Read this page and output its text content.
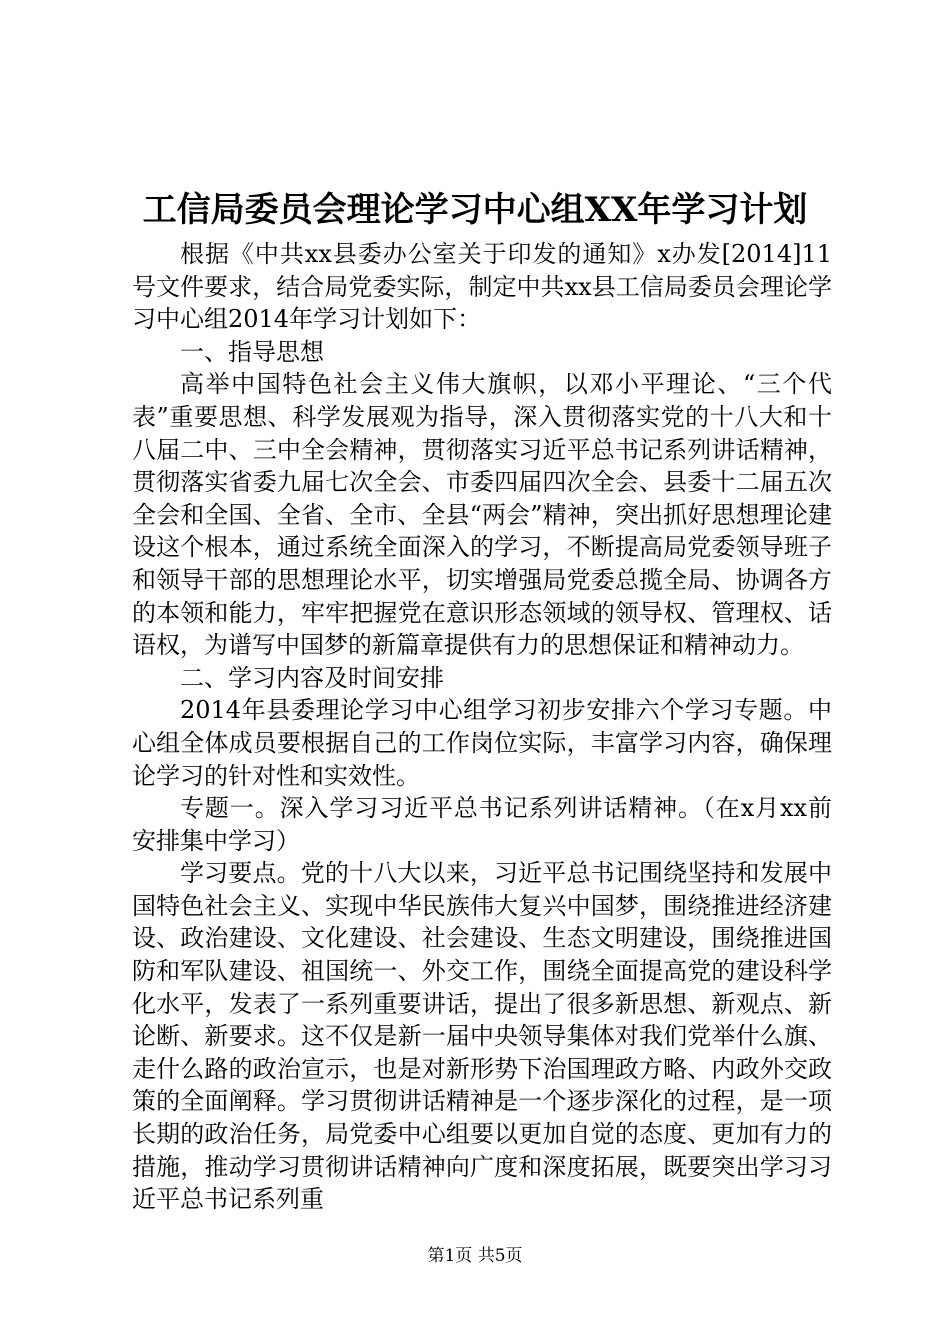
工信局委员会理论学习中心组XX年学习计划

根据《中共xx县委办公室关于印发的通知》x办发[2014]11号文件要求，结合局党委实际，制定中共xx县工信局委员会理论学习中心组2014年学习计划如下：

一、指导思想

高举中国特色社会主义伟大旗帜，以邓小平理论、“三个代表”重要思想、科学发展观为指导，深入贯彻落实党的十八大和十八届二中、三中全会精神，贯彻落实习近平总书记系列讲话精神，贯彻落实省委九届七次全会、市委四届四次全会、县委十二届五次全会和全国、全省、全市、全县“两会”精神，突出抓好思想理论建设这个根本，通过系统全面深入的学习，不断提高局党委领导班子和领导干部的思想理论水平，切实增强局党委总揽全局、协调各方的本领和能力，牢牢把握党在意识形态领域的领导权、管理权、话语权，为谱写中国梦的新篇章提供有力的思想保证和精神动力。

二、学习内容及时间安排

2014年县委理论学习中心组学习初步安排六个学习专题。中心组全体成员要根据自己的工作岗位实际，丰富学习内容，确保理论学习的针对性和实效性。

专题一。深入学习习近平总书记系列讲话精神。（在x月xx前安排集中学习）

学习要点。党的十八大以来，习近平总书记围绕坚持和发展中国特色社会主义、实现中华民族伟大复兴中国梦，围绕推进经济建设、政治建设、文化建设、社会建设、生态文明建设，围绕推进国防和军队建设、祖国统一、外交工作，围绕全面提高党的建设科学化水平，发表了一系列重要讲话，提出了很多新思想、新观点、新论断、新要求。这不仅是新一届中央领导集体对我们党举什么旗、走什么路的政治宣示，也是对新形势下治国理政方略、内政外交政策的全面阐释。学习贯彻讲话精神是一个逐步深化的过程，是一项长期的政治任务，局党委中心组要以更加自觉的态度、更加有力的措施，推动学习贯彻讲话精神向广度和深度拓展，既要突出学习习近平总书记系列重

第1页 共5页
